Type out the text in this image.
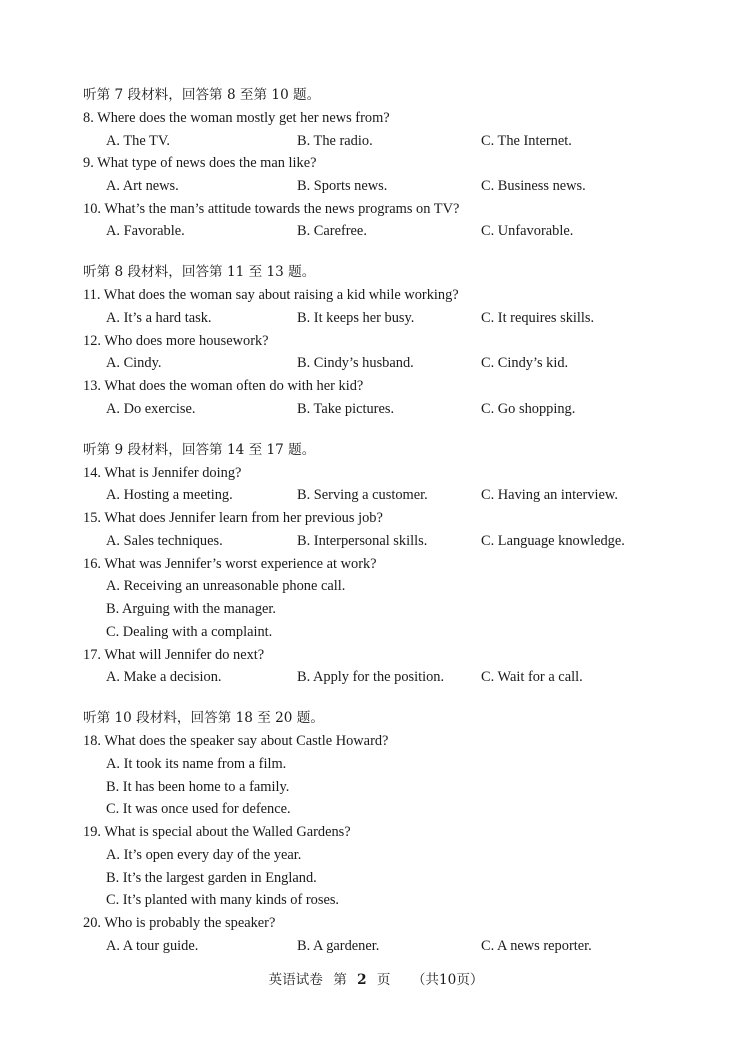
听第 7 段材料，回答第 8 至第 10 题。
8. Where does the woman mostly get her news from?
A. The TV.	B. The radio.	C. The Internet.
9. What type of news does the man like?
A. Art news.	B. Sports news.	C. Business news.
10. What’s the man’s attitude towards the news programs on TV?
A. Favorable.	B. Carefree.	C. Unfavorable.
听第 8 段材料，回答第 11 至 13 题。
11. What does the woman say about raising a kid while working?
A. It’s a hard task.	B. It keeps her busy.	C. It requires skills.
12. Who does more housework?
A. Cindy.	B. Cindy’s husband.	C. Cindy’s kid.
13. What does the woman often do with her kid?
A. Do exercise.	B. Take pictures.	C. Go shopping.
听第 9 段材料，回答第 14 至 17 题。
14. What is Jennifer doing?
A. Hosting a meeting.	B. Serving a customer.	C. Having an interview.
15. What does Jennifer learn from her previous job?
A. Sales techniques.	B. Interpersonal skills.	C. Language knowledge.
16. What was Jennifer’s worst experience at work?
A. Receiving an unreasonable phone call.
B. Arguing with the manager.
C. Dealing with a complaint.
17. What will Jennifer do next?
A. Make a decision.	B. Apply for the position.	C. Wait for a call.
听第 10 段材料，回答第 18 至 20 题。
18. What does the speaker say about Castle Howard?
A. It took its name from a film.
B. It has been home to a family.
C. It was once used for defence.
19. What is special about the Walled Gardens?
A. It’s open every day of the year.
B. It’s the largest garden in England.
C. It’s planted with many kinds of roses.
20. Who is probably the speaker?
A. A tour guide.	B. A gardener.	C. A news reporter.
英语试卷 第 2 页 （共10页）
